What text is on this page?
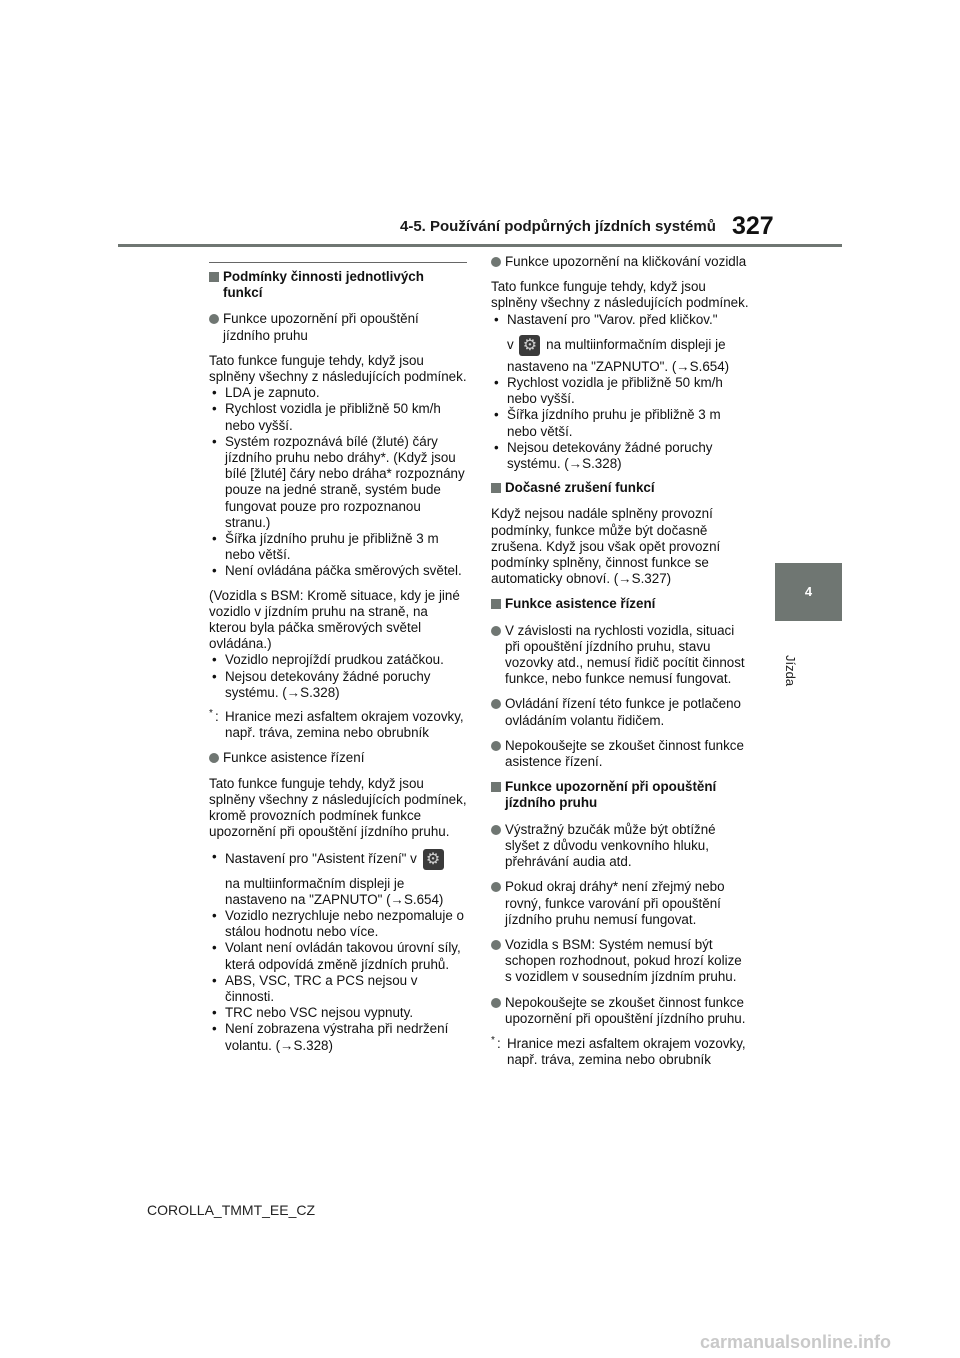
4-5. Používání podpůrných jízdních systémů 327
4
Jízda
Podmínky činnosti jednotlivých funkcí
Funkce upozornění při opouštění jízdního pruhu
Tato funkce funguje tehdy, když jsou splněny všechny z následujících podmínek.
• LDA je zapnuto.
• Rychlost vozidla je přibližně 50 km/h nebo vyšší.
• Systém rozpoznává bílé (žluté) čáry jízdního pruhu nebo dráhy*. (Když jsou bílé [žluté] čáry nebo dráha* rozpoznány pouze na jedné straně, systém bude fungovat pouze pro rozpoznanou stranu.)
• Šířka jízdního pruhu je přibližně 3 m nebo větší.
• Není ovládána páčka směrových světel.
(Vozidla s BSM: Kromě situace, kdy je jiné vozidlo v jízdním pruhu na straně, na kterou byla páčka směrových světel ovládána.)
• Vozidlo neprojíždí prudkou zatáčkou.
• Nejsou detekovány žádné poruchy systému. (→S.328)
* : Hranice mezi asfaltem okrajem vozovky, např. tráva, zemina nebo obrubník
Funkce asistence řízení
Tato funkce funguje tehdy, když jsou splněny všechny z následujících podmínek, kromě provozních podmínek funkce upozornění při opouštění jízdního pruhu.
• Nastavení pro "Asistent řízení" v ⚙
na multiinformačním displeji je nastaveno na "ZAPNUTO" (→S.654)
• Vozidlo nezrychluje nebo nezpomaluje o stálou hodnotu nebo více.
• Volant není ovládán takovou úrovní síly, která odpovídá změně jízdních pruhů.
• ABS, VSC, TRC a PCS nejsou v činnosti.
• TRC nebo VSC nejsou vypnuty.
• Není zobrazena výstraha při nedržení volantu. (→S.328)
Funkce upozornění na kličkování vozidla
Tato funkce funguje tehdy, když jsou splněny všechny z následujících podmínek.
• Nastavení pro "Varov. před kličkov."
v ⚙ na multiinformačním displeji je
nastaveno na "ZAPNUTO". (→S.654)
• Rychlost vozidla je přibližně 50 km/h nebo vyšší.
• Šířka jízdního pruhu je přibližně 3 m nebo větší.
• Nejsou detekovány žádné poruchy systému. (→S.328)
Dočasné zrušení funkcí
Když nejsou nadále splněny provozní podmínky, funkce může být dočasně zrušena. Když jsou však opět provozní podmínky splněny, činnost funkce se automaticky obnoví. (→S.327)
Funkce asistence řízení
V závislosti na rychlosti vozidla, situaci při opouštění jízdního pruhu, stavu vozovky atd., nemusí řidič pocítit činnost funkce, nebo funkce nemusí fungovat.
Ovládání řízení této funkce je potlačeno ovládáním volantu řidičem.
Nepokoušejte se zkoušet činnost funkce asistence řízení.
Funkce upozornění při opouštění jízdního pruhu
Výstražný bzučák může být obtížné slyšet z důvodu venkovního hluku, přehrávání audia atd.
Pokud okraj dráhy* není zřejmý nebo rovný, funkce varování při opouštění jízdního pruhu nemusí fungovat.
Vozidla s BSM: Systém nemusí být schopen rozhodnout, pokud hrozí kolize s vozidlem v sousedním jízdním pruhu.
Nepokoušejte se zkoušet činnost funkce upozornění při opouštění jízdního pruhu.
* : Hranice mezi asfaltem okrajem vozovky, např. tráva, zemina nebo obrubník
COROLLA_TMMT_EE_CZ
carmanualsonline.info
